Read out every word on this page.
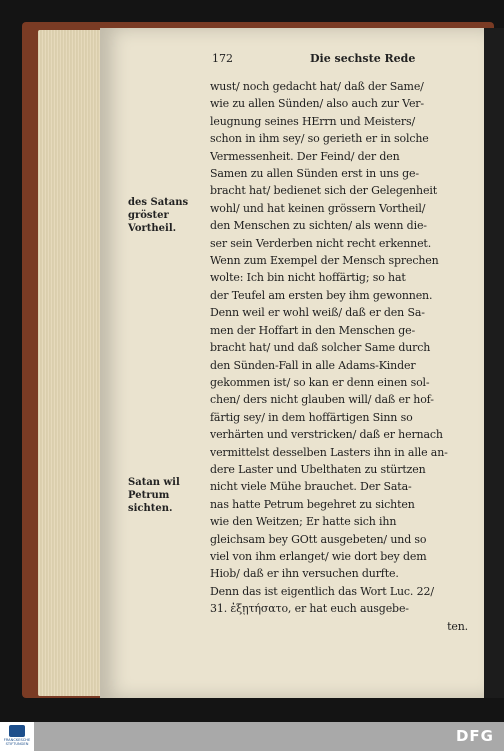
172	Die sechste Rede
des Satans gröster Vortheil.
Satan wil Petrum sichten.
wust/ noch gedacht hat/ daß der Same/
wie zu allen Sünden/ also auch zur Ver-
leugnung seines HErrn und Meisters/
schon in ihm sey/ so gerieth er in solche
Vermessenheit. Der Feind/ der den
Samen zu allen Sünden erst in uns ge-
bracht hat/ bedienet sich der Gelegenheit
wohl/ und hat keinen grössern Vortheil/
den Menschen zu sichten/ als wenn die-
ser sein Verderben nicht recht erkennet.
Wenn zum Exempel der Mensch sprechen
wolte: Ich bin nicht hoffärtig; so hat
der Teufel am ersten bey ihm gewonnen.
Denn weil er wohl weiß/ daß er den Sa-
men der Hoffart in den Menschen ge-
bracht hat/ und daß solcher Same durch
den Sünden-Fall in alle Adams-Kinder
gekommen ist/ so kan er denn einen sol-
chen/ ders nicht glauben will/ daß er hof-
färtig sey/ in dem hoffärtigen Sinn so
verhärten und verstricken/ daß er hernach
vermittelst desselben Lasters ihn in alle an-
dere Laster und Ubelthaten zu stürtzen
nicht viele Mühe brauchet. Der Sata-
nas hatte Petrum begehret zu sichten
wie den Weitzen; Er hatte sich ihn
gleichsam bey GOtt ausgebeten/ und so
viel von ihm erlanget/ wie dort bey dem
Hiob/ daß er ihn versuchen durfte.
Denn das ist eigentlich das Wort Luc. 22/
31. ἐξῃτήσατο, er hat euch ausgebe-
ten.
FRANCKESCHE STIFTUNGEN	DFG
